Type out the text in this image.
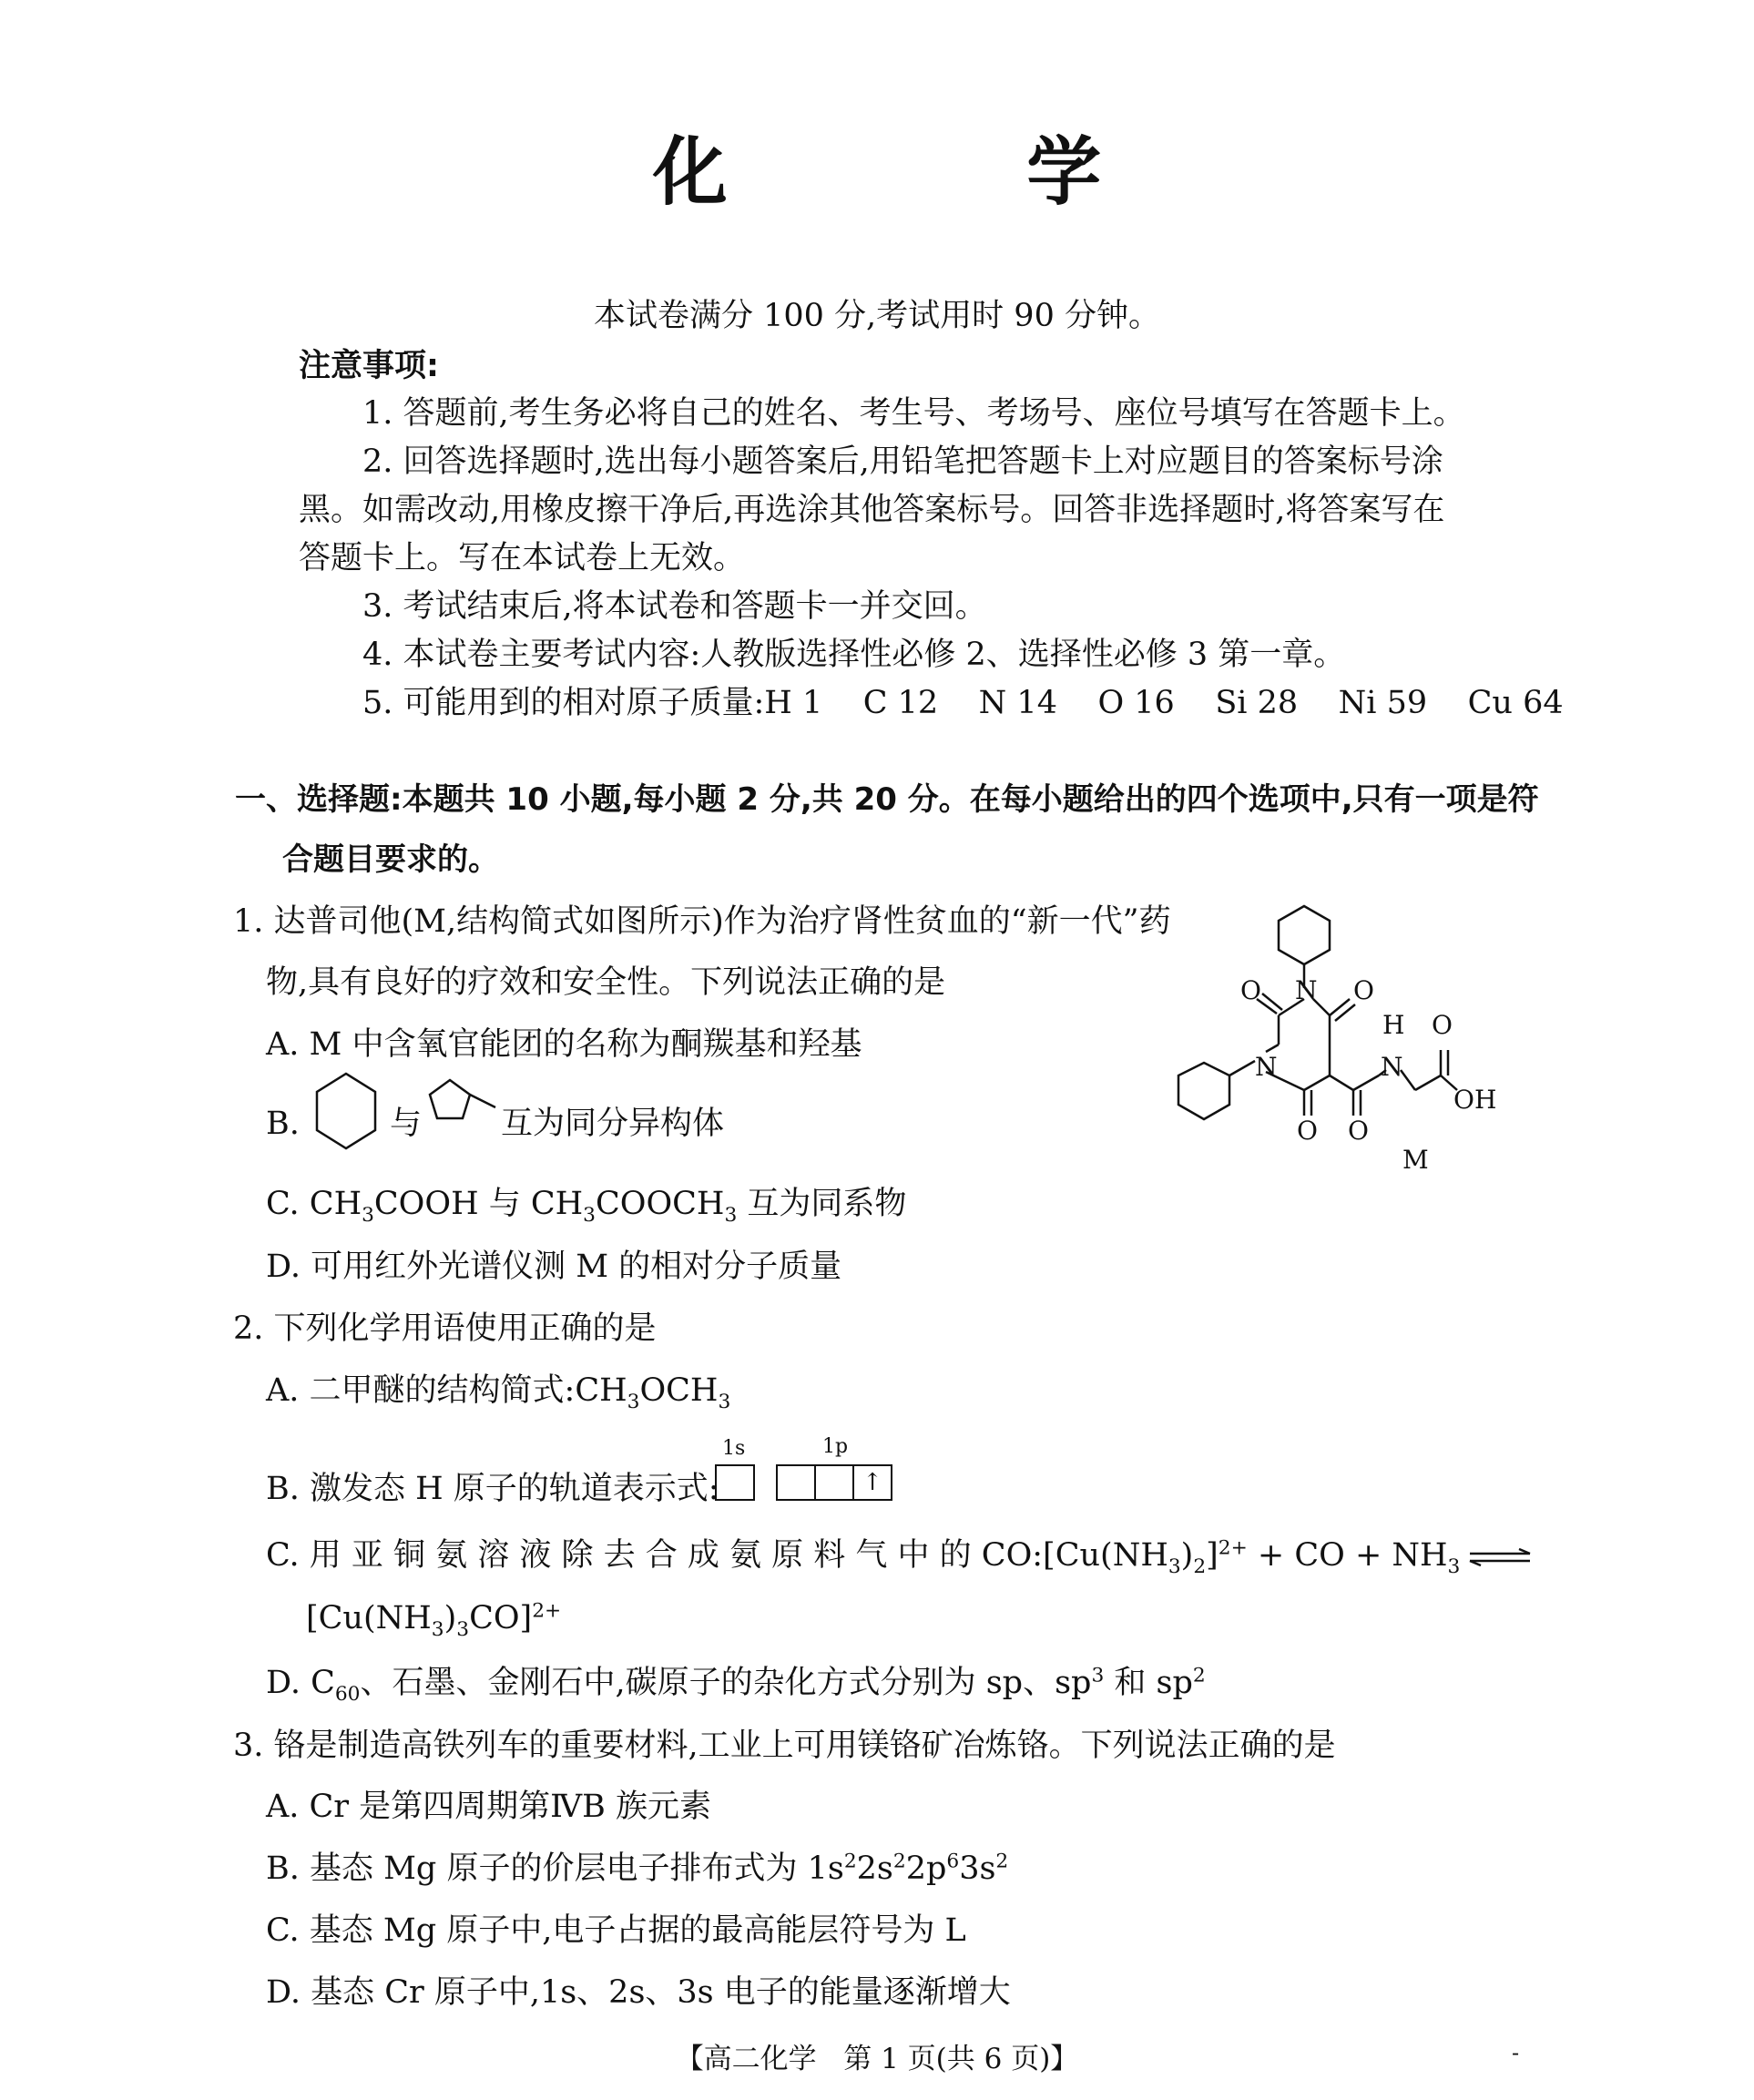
化 学
本试卷满分 100 分,考试用时 90 分钟。
注意事项:
1. 答题前,考生务必将自己的姓名、考生号、考场号、座位号填写在答题卡上。
2. 回答选择题时,选出每小题答案后,用铅笔把答题卡上对应题目的答案标号涂
黑。如需改动,用橡皮擦干净后,再选涂其他答案标号。回答非选择题时,将答案写在
答题卡上。写在本试卷上无效。
3. 考试结束后,将本试卷和答题卡一并交回。
4. 本试卷主要考试内容:人教版选择性必修 2、选择性必修 3 第一章。
5. 可能用到的相对原子质量:H 1    C 12    N 14    O 16    Si 28    Ni 59    Cu 64
一、选择题:本题共 10 小题,每小题 2 分,共 20 分。在每小题给出的四个选项中,只有一项是符
合题目要求的。
1. 达普司他(M,结构简式如图所示)作为治疗肾性贫血的“新一代”药
物,具有良好的疗效和安全性。下列说法正确的是
A. M 中含氧官能团的名称为酮羰基和羟基
B.	与 互为同分异构体
C. $CH_3COOH$ 与 $CH_3COOCH_3$ 互为同系物
D. 可用红外光谱仪测 M 的相对分子质量
O N O
H O
N
N
OH
O O
M
2. 下列化学用语使用正确的是
A. 二甲醚的结构简式$:CH_3OCH_3$
B. 激发态 H 原子的轨道表示式:
1s	1p
↑
C. 用 亚 铜 氨 溶 液 除 去 合 成 氨 原 料 气 中 的 $CO:[Cu(NH_3)_2]^{2+}$ + CO + $NH_3$
$[Cu(NH_3)_3CO]^{2+}$
D. $C_{60}$、石墨、金刚石中,碳原子的杂化方式分别为 sp、$sp^3$ 和 $sp^2$
3. 铬是制造高铁列车的重要材料,工业上可用镁铬矿冶炼铬。下列说法正确的是
A. Cr 是第四周期第ⅣB 族元素
B. 基态 Mg 原子的价层电子排布式为 $1s^22s^22p^63s^2$
C. 基态 Mg 原子中,电子占据的最高能层符号为 L
D. 基态 Cr 原子中,1s、2s、3s 电子的能量逐渐增大
【高二化学   第 1 页(共 6 页)】	-
